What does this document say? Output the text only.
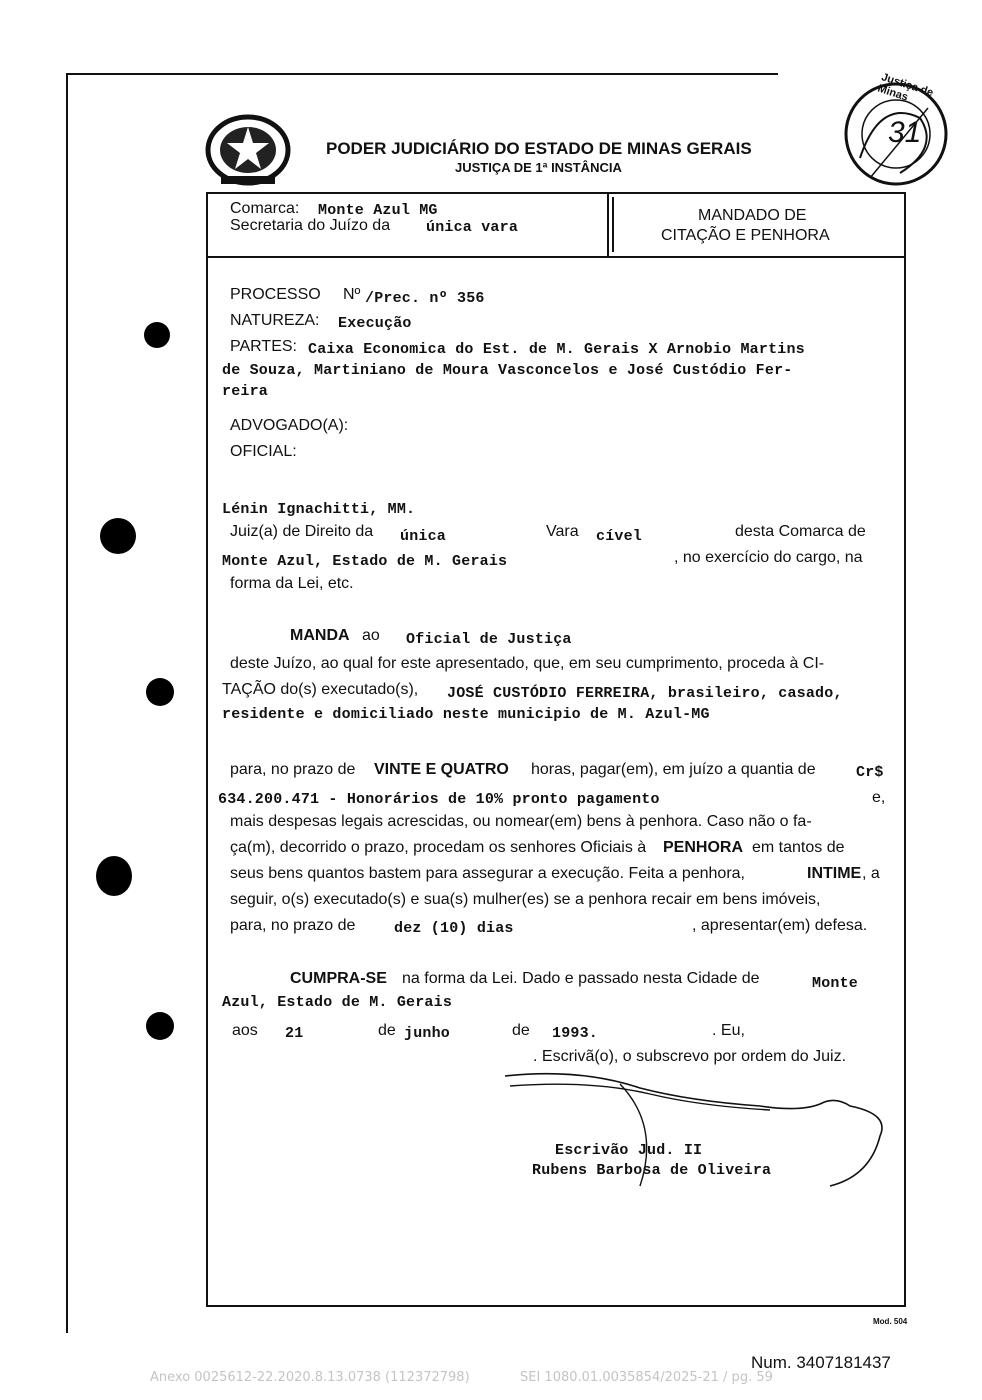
PODER JUDICIÁRIO DO ESTADO DE MINAS GERAIS
JUSTIÇA DE 1ª INSTÂNCIA
Justiça de Minas
31
Comarca: Monte Azul MG
Secretaria do Juízo da única vara
MANDADO DE
CITAÇÃO E PENHORA
PROCESSO Nº /Prec. nº 356
NATUREZA: Execução
PARTES: Caixa Economica do Est. de M. Gerais X Arnobio Martins
de Souza, Martiniano de Moura Vasconcelos e José Custódio Fer-
reira
ADVOGADO(A):
OFICIAL:
Lénin Ignachitti, MM.
Juiz(a) de Direito da única	Vara cível	desta Comarca de
Monte Azul, Estado de M. Gerais	, no exercício do cargo, na
forma da Lei, etc.
MANDA ao Oficial de Justiça
deste Juízo, ao qual for este apresentado, que, em seu cumprimento, proceda à CI-
TAÇÃO do(s) executado(s), JOSÉ CUSTÓDIO FERREIRA, brasileiro, casado,
residente e domiciliado neste municipio de M. Azul-MG
para, no prazo de VINTE E QUATRO horas, pagar(em), em juízo a quantia de	Cr$
634.200.471 - Honorários de 10% pronto pagamento	e,
mais despesas legais acrescidas, ou nomear(em) bens à penhora. Caso não o fa-
ça(m), decorrido o prazo, procedam os senhores Oficiais à PENHORA em tantos de
seus bens quantos bastem para assegurar a execução. Feita a penhora,	INTIME , a
seguir, o(s) executado(s) e sua(s) mulher(es) se a penhora recair em bens imóveis,
para, no prazo de	dez (10) dias	, apresentar(em) defesa.
CUMPRA-SE na forma da Lei. Dado e passado nesta Cidade de	Monte
Azul, Estado de M. Gerais
aos 21	de junho	de 1993.	. Eu,
. Escrivã(o), o subscrevo por ordem do Juiz.
Escrivão Jud. II
Rubens Barbosa de Oliveira
Mod. 504
Num. 3407181437
Anexo 0025612-22.2020.8.13.0738 (112372798)	SEI 1080.01.0035854/2025-21 / pg. 59
